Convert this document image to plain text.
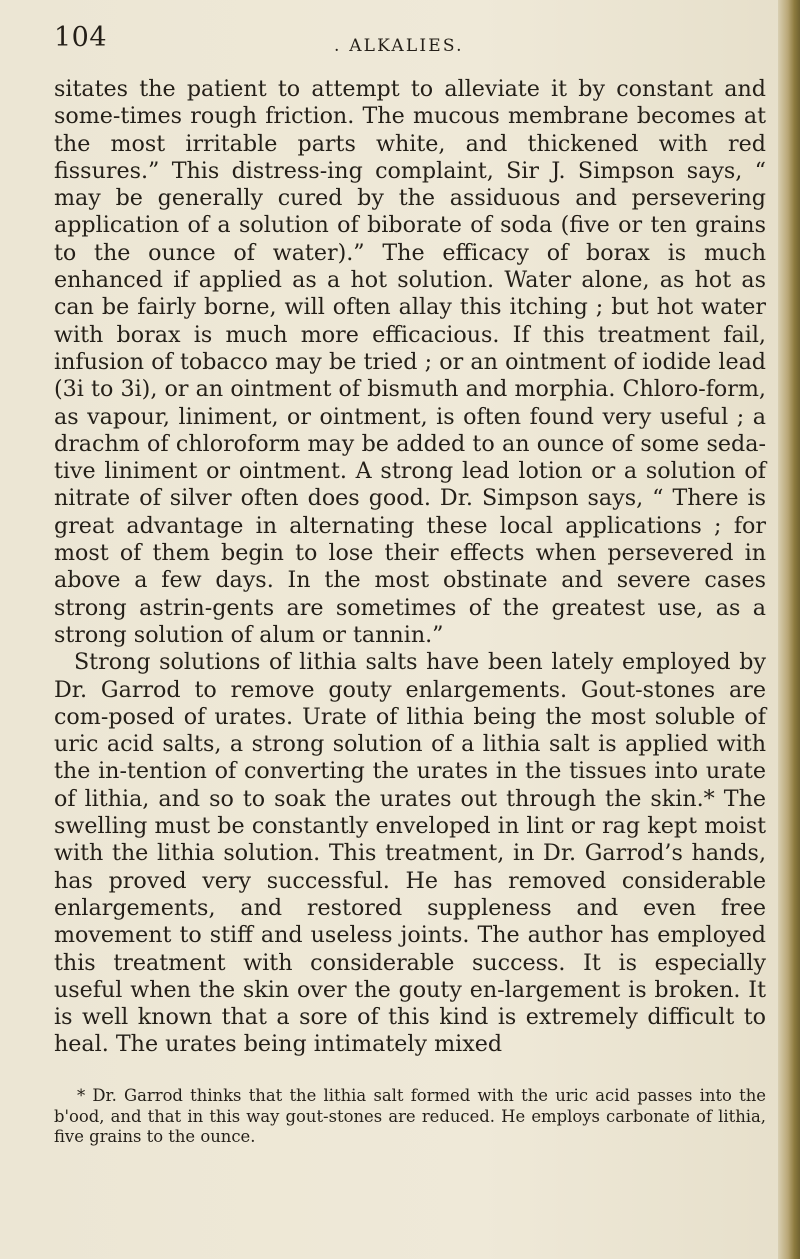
104	. ALKALIES.

sitates the patient to attempt to alleviate it by constant and some-times rough friction. The mucous membrane becomes at the most irritable parts white, and thickened with red fissures.” This distress-ing complaint, Sir J. Simpson says, “ may be generally cured by the assiduous and persevering application of a solution of biborate of soda (five or ten grains to the ounce of water).” The efficacy of borax is much enhanced if applied as a hot solution. Water alone, as hot as can be fairly borne, will often allay this itching ; but hot water with borax is much more efficacious. If this treatment fail, infusion of tobacco may be tried ; or an ointment of iodide lead (3i to 3i), or an ointment of bismuth and morphia. Chloro-form, as vapour, liniment, or ointment, is often found very useful ; a drachm of chloroform may be added to an ounce of some seda-tive liniment or ointment. A strong lead lotion or a solution of nitrate of silver often does good. Dr. Simpson says, “ There is great advantage in alternating these local applications ; for most of them begin to lose their effects when persevered in above a few days. In the most obstinate and severe cases strong astrin-gents are sometimes of the greatest use, as a strong solution of alum or tannin.”

Strong solutions of lithia salts have been lately employed by Dr. Garrod to remove gouty enlargements. Gout-stones are com-posed of urates. Urate of lithia being the most soluble of uric acid salts, a strong solution of a lithia salt is applied with the in-tention of converting the urates in the tissues into urate of lithia, and so to soak the urates out through the skin.* The swelling must be constantly enveloped in lint or rag kept moist with the lithia solution. This treatment, in Dr. Garrod’s hands, has proved very successful. He has removed considerable enlargements, and restored suppleness and even free movement to stiff and useless joints. The author has employed this treatment with considerable success. It is especially useful when the skin over the gouty en-largement is broken. It is well known that a sore of this kind is extremely difficult to heal. The urates being intimately mixed

* Dr. Garrod thinks that the lithia salt formed with the uric acid passes into the b'ood, and that in this way gout-stones are reduced. He employs carbonate of lithia, five grains to the ounce.
